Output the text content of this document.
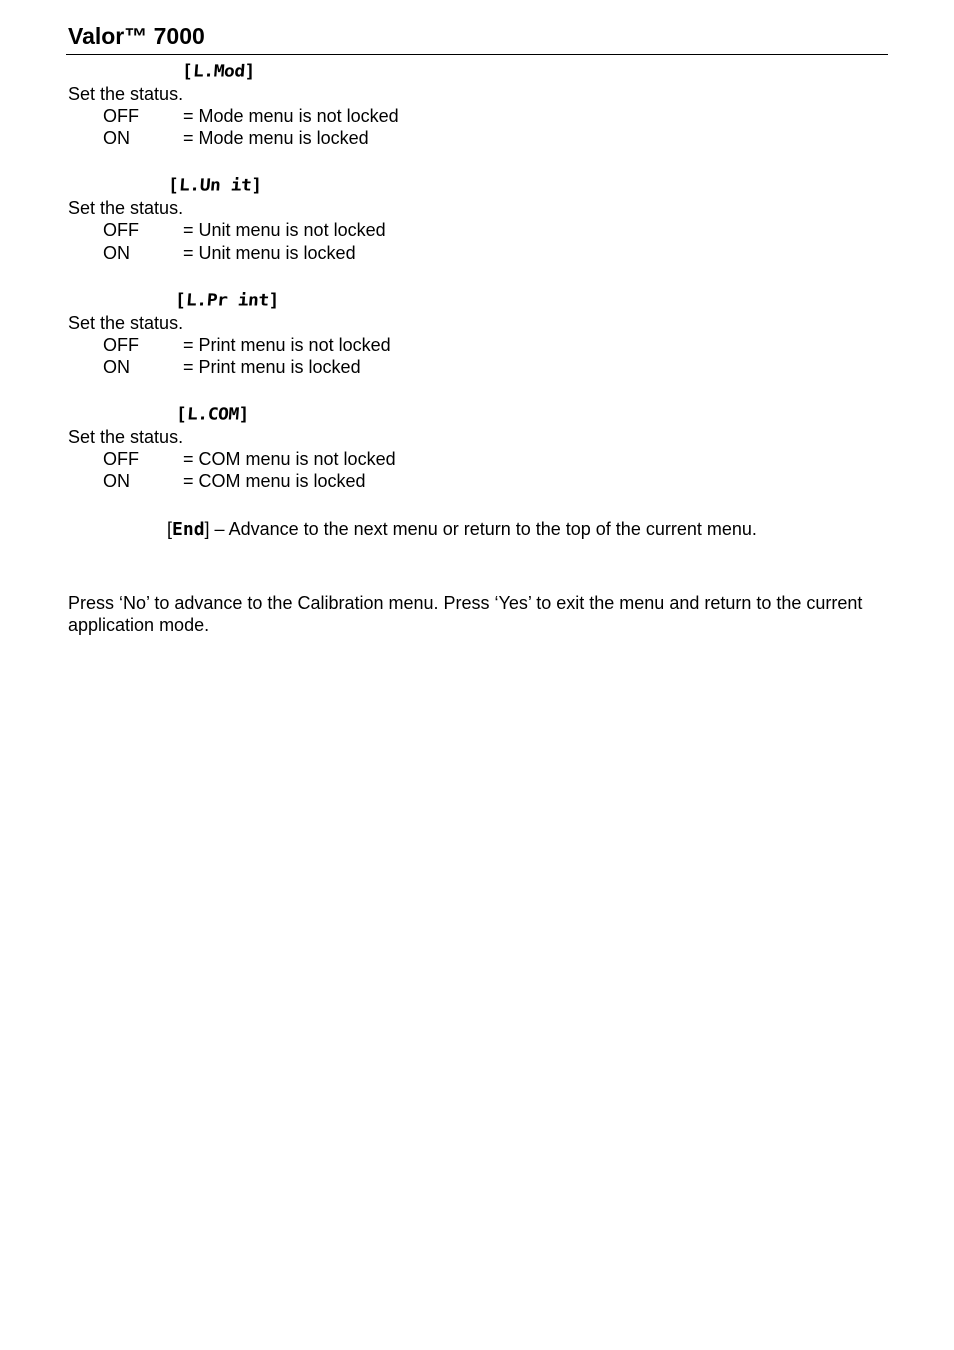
Valor™ 7000
[L.Mod]
Set the status.
OFF = Mode menu is not locked
ON	= Mode menu is locked
[L.Un it]
Set the status.
OFF = Unit menu is not locked
ON	= Unit menu is locked
[L.Pr int]
Set the status.
OFF = Print menu is not locked
ON	= Print menu is locked
[L.COM]
Set the status.
OFF = COM menu is not locked
ON	= COM menu is locked
[End] – Advance to the next menu or return to the top of the current menu.
Press ‘No’ to advance to the Calibration menu. Press ‘Yes’ to exit the menu and return to the current application mode.
